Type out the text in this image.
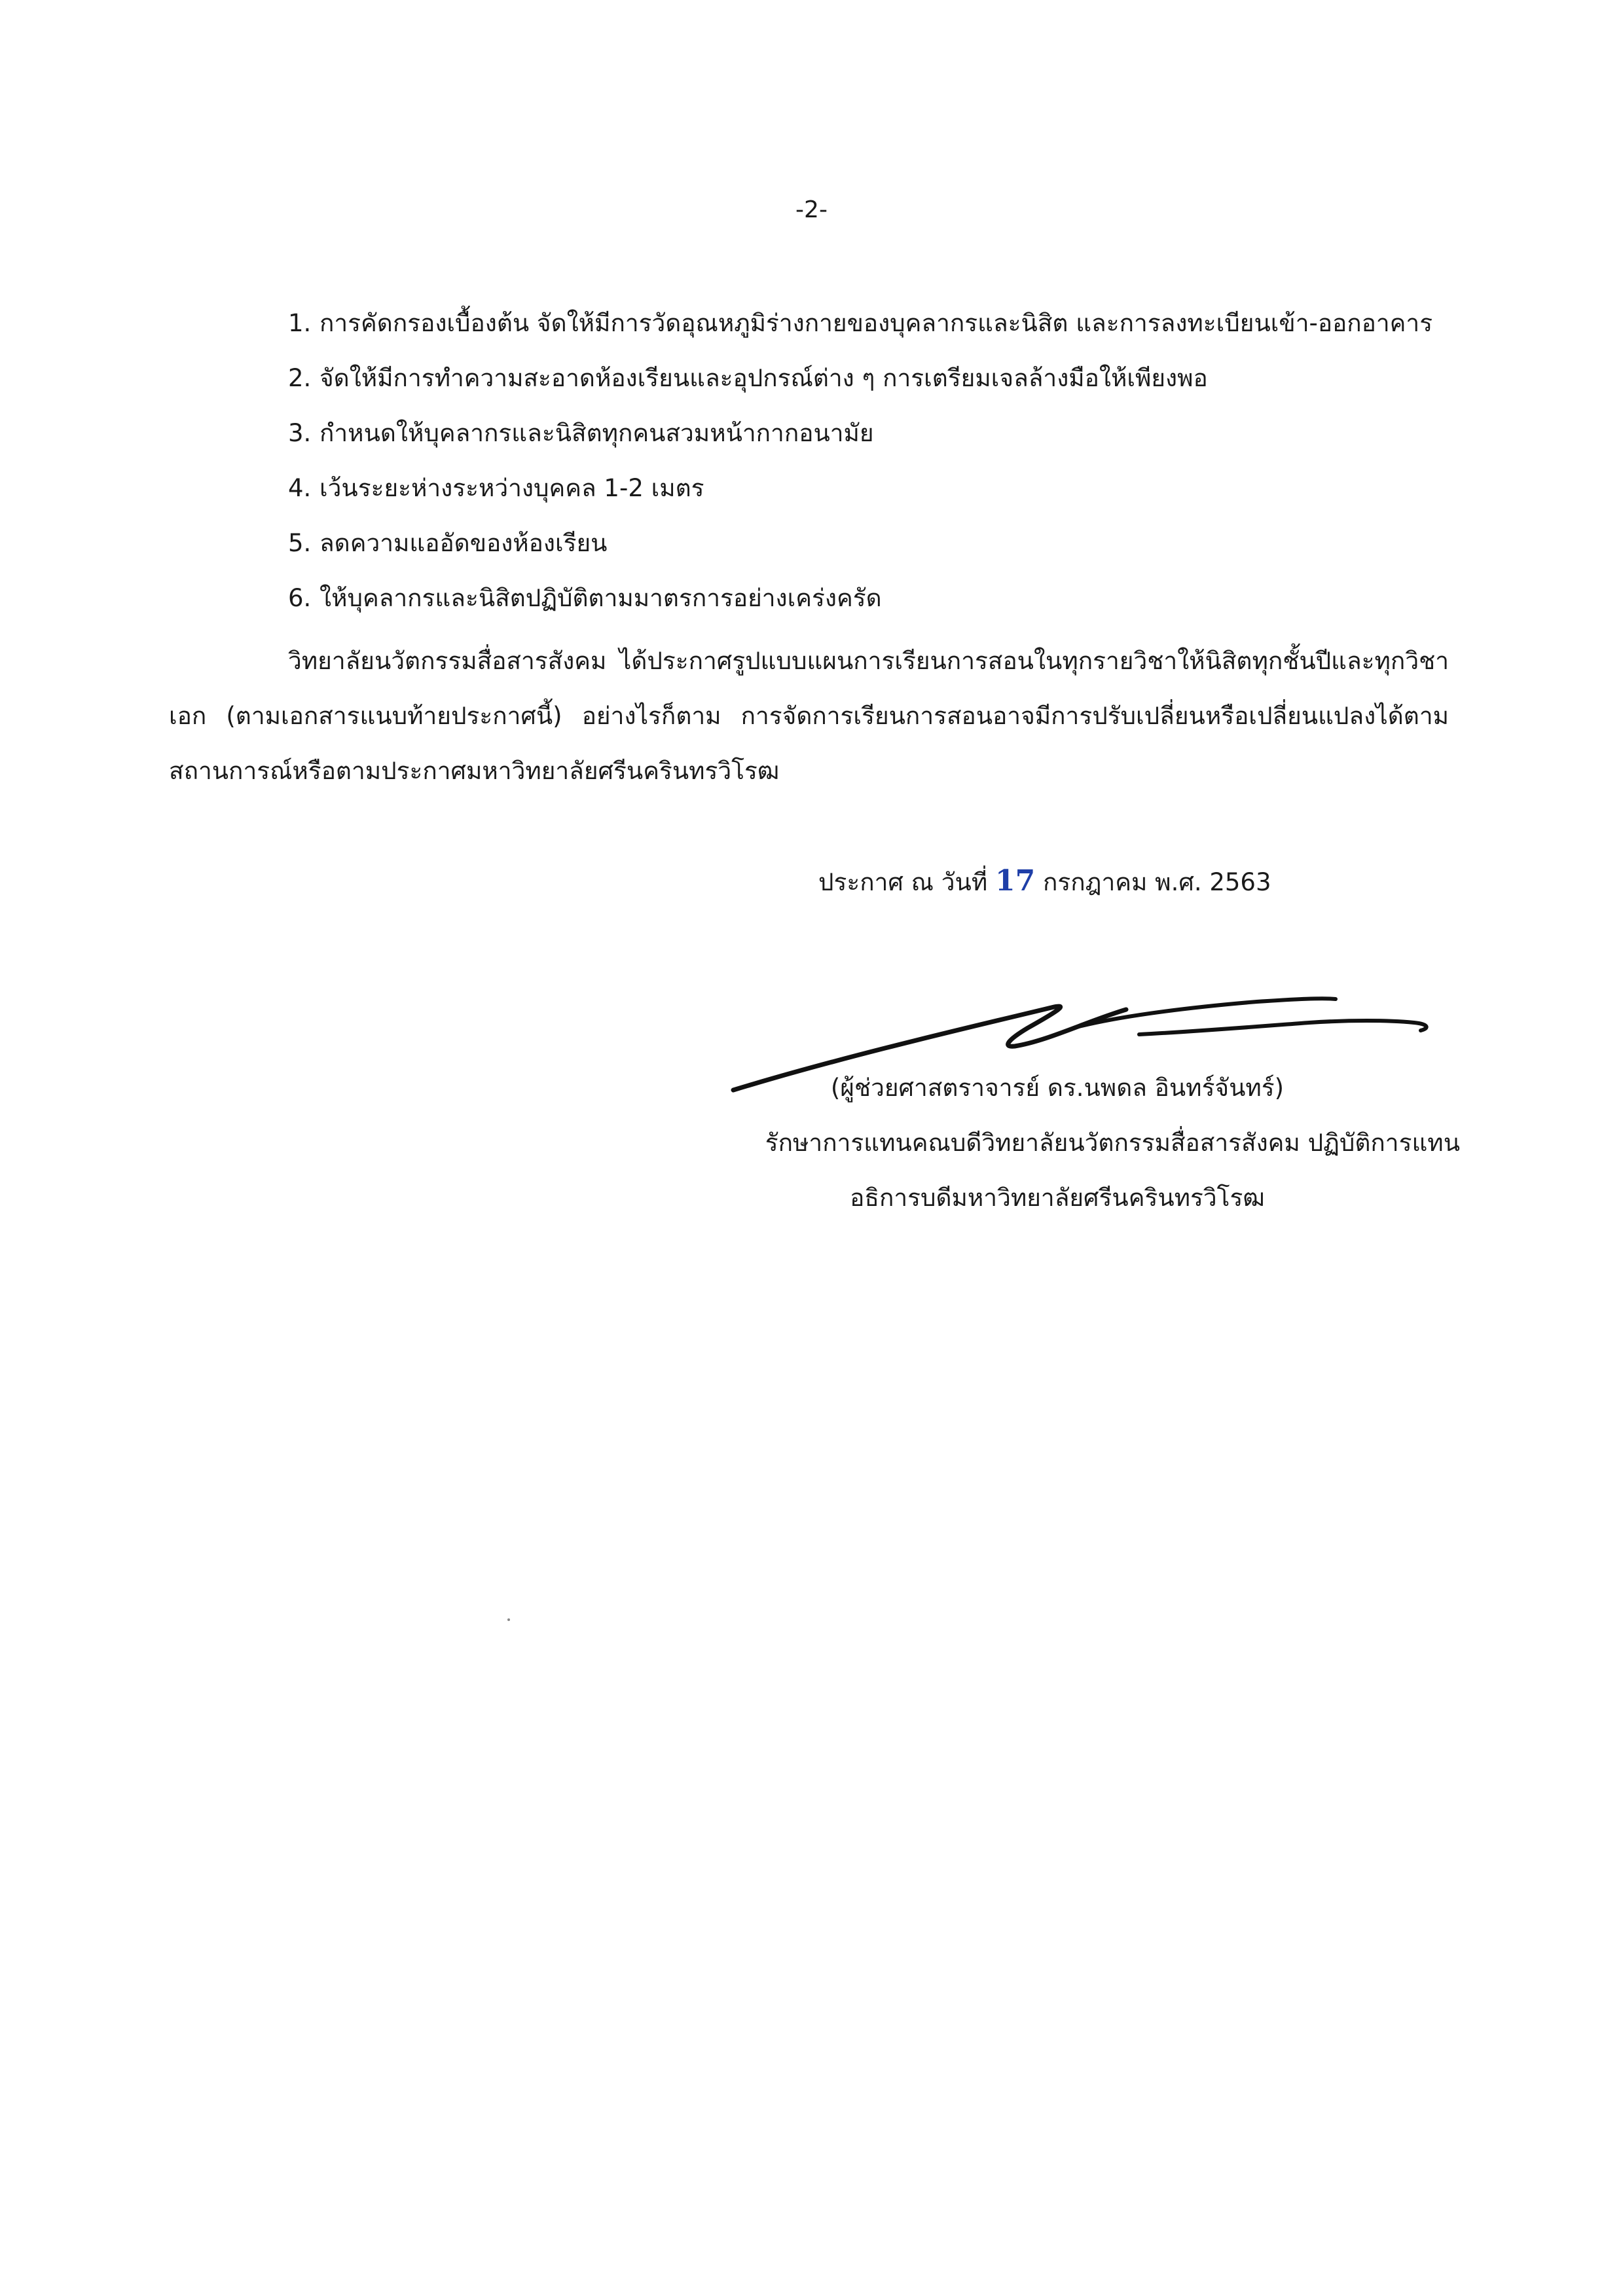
-2-
1. การคัดกรองเบื้องต้น จัดให้มีการวัดอุณหภูมิร่างกายของบุคลากรและนิสิต และการลงทะเบียนเข้า-ออกอาคาร
2. จัดให้มีการทำความสะอาดห้องเรียนและอุปกรณ์ต่าง ๆ การเตรียมเจลล้างมือให้เพียงพอ
3. กำหนดให้บุคลากรและนิสิตทุกคนสวมหน้ากากอนามัย
4. เว้นระยะห่างระหว่างบุคคล 1-2 เมตร
5. ลดความแออัดของห้องเรียน
6. ให้บุคลากรและนิสิตปฏิบัติตามมาตรการอย่างเคร่งครัด

วิทยาลัยนวัตกรรมสื่อสารสังคม ได้ประกาศรูปแบบแผนการเรียนการสอนในทุกรายวิชาให้นิสิตทุกชั้นปีและทุกวิชาเอก (ตามเอกสารแนบท้ายประกาศนี้) อย่างไรก็ตาม การจัดการเรียนการสอนอาจมีการปรับเปลี่ยนหรือเปลี่ยนแปลงได้ตามสถานการณ์หรือตามประกาศมหาวิทยาลัยศรีนครินทรวิโรฒ

ประกาศ ณ วันที่ 17 กรกฎาคม พ.ศ. 2563
(ผู้ช่วยศาสตราจารย์ ดร.นพดล อินทร์จันทร์)
รักษาการแทนคณบดีวิทยาลัยนวัตกรรมสื่อสารสังคม ปฏิบัติการแทน
อธิการบดีมหาวิทยาลัยศรีนครินทรวิโรฒ
